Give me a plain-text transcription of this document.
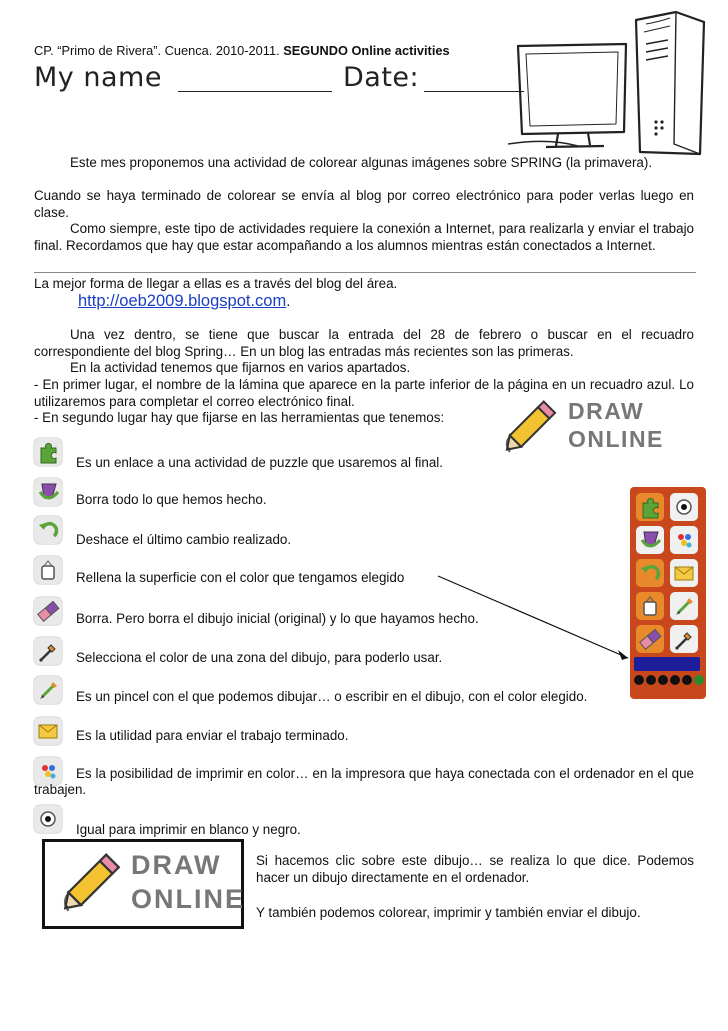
CP. “Primo de Rivera”. Cuenca. 2010-2011. SEGUNDO Online activities
My name	Date:
Este mes proponemos una actividad de colorear algunas imágenes sobre SPRING (la primavera).
Cuando se haya terminado de colorear se envía al blog por correo electrónico para poder verlas luego en clase.
Como siempre, este tipo de actividades requiere la conexión a Internet, para realizarla y enviar el trabajo final. Recordamos que hay que estar acompañando a los alumnos mientras están conectados a Internet.
La mejor forma de llegar a ellas es a través del blog del área.
http://oeb2009.blogspot.com.
Una vez dentro, se tiene que buscar la entrada del 28 de febrero o buscar en el recuadro correspondiente del blog Spring… En un blog las entradas más recientes son las primeras.
En la actividad tenemos que fijarnos en varios apartados.
- En primer lugar, el nombre de la lámina que aparece en la parte inferior de la página en un recuadro azul. Lo utilizaremos para completar el correo electrónico final.
- En segundo lugar hay que fijarse en las herramientas que tenemos:	DRAW
ONLINE
Es un enlace a una actividad de puzzle que usaremos al final.
Borra todo lo que hemos hecho.
Deshace el último cambio realizado.
Rellena la superficie con el color que tengamos elegido
Borra. Pero borra el dibujo inicial (original) y lo que hayamos hecho.
Selecciona el color de una zona del dibujo, para poderlo usar.
Es un pincel con el que podemos dibujar… o escribir en el dibujo, con el color elegido.
Es la utilidad para enviar el trabajo terminado.
Es la posibilidad de imprimir en color… en la impresora que haya conectada con el ordenador en el que trabajen.
Igual para imprimir en blanco y negro.
DRAW
ONLINE
Si hacemos clic sobre este dibujo… se realiza lo que dice. Podemos hacer un dibujo directamente en el ordenador.
Y también podemos colorear, imprimir y también enviar el dibujo.
